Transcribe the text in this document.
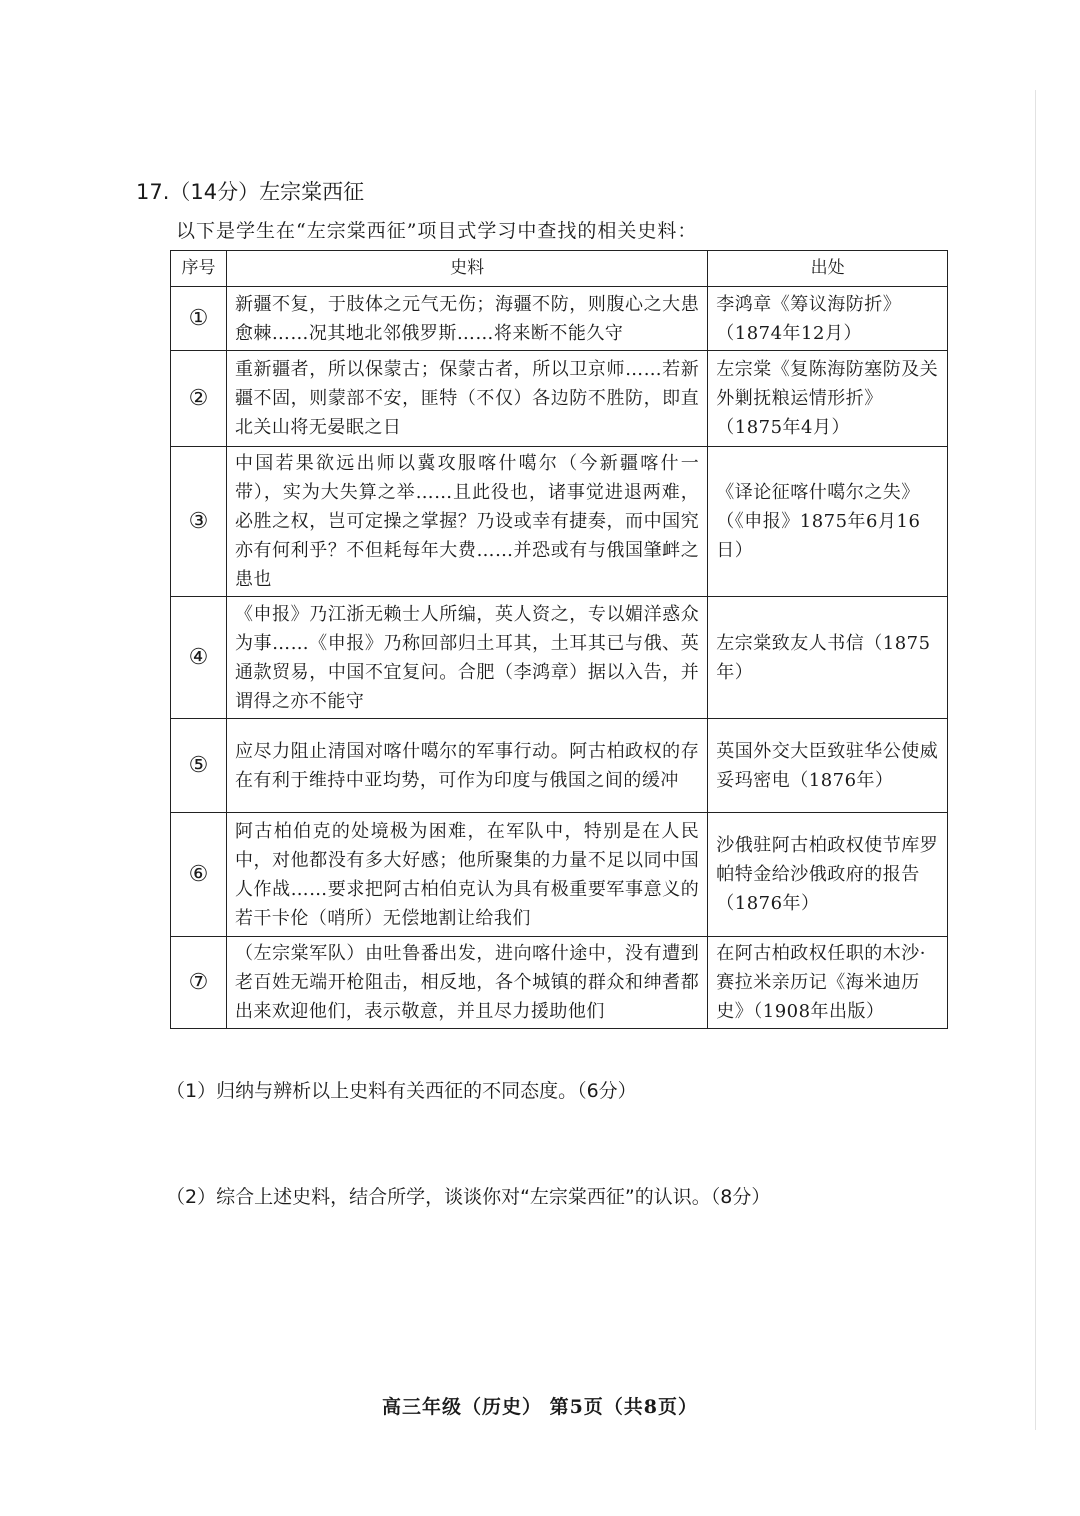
17.（14分）左宗棠西征
以下是学生在“左宗棠西征”项目式学习中查找的相关史料：
序号	史料	出处
①	新疆不复，于肢体之元气无伤；海疆不防，则腹心之大患愈棘……况其地北邻俄罗斯……将来断不能久守	李鸿章《筹议海防折》（1874年12月）
②	重新疆者，所以保蒙古；保蒙古者，所以卫京师……若新疆不固，则蒙部不安，匪特（不仅）各边防不胜防，即直北关山将无晏眠之日	左宗棠《复陈海防塞防及关外剿抚粮运情形折》（1875年4月）
③	中国若果欲远出师以冀攻服喀什噶尔（今新疆喀什一带），实为大失算之举……且此役也，诸事觉进退两难，必胜之权，岂可定操之掌握？乃设或幸有捷奏，而中国究亦有何利乎？不但耗每年大费……并恐或有与俄国肇衅之患也	《译论征喀什噶尔之失》（《申报》1875年6月16日）
④	《申报》乃江浙无赖士人所编，英人资之，专以媚洋惑众为事……《申报》乃称回部归土耳其，土耳其已与俄、英通款贸易，中国不宜复问。合肥（李鸿章）据以入告，并谓得之亦不能守	左宗棠致友人书信（1875年）
⑤	应尽力阻止清国对喀什噶尔的军事行动。阿古柏政权的存在有利于维持中亚均势，可作为印度与俄国之间的缓冲	英国外交大臣致驻华公使威妥玛密电（1876年）
⑥	阿古柏伯克的处境极为困难，在军队中，特别是在人民中，对他都没有多大好感；他所聚集的力量不足以同中国人作战……要求把阿古柏伯克认为具有极重要军事意义的若干卡伦（哨所）无偿地割让给我们	沙俄驻阿古柏政权使节库罗帕特金给沙俄政府的报告（1876年）
⑦	（左宗棠军队）由吐鲁番出发，进向喀什途中，没有遭到老百姓无端开枪阻击，相反地，各个城镇的群众和绅耆都出来欢迎他们，表示敬意，并且尽力援助他们	在阿古柏政权任职的木沙·赛拉米亲历记《海米迪历史》（1908年出版）
（1）归纳与辨析以上史料有关西征的不同态度。（6分）
（2）综合上述史料，结合所学，谈谈你对“左宗棠西征”的认识。（8分）
高三年级（历史） 第5页（共8页）
